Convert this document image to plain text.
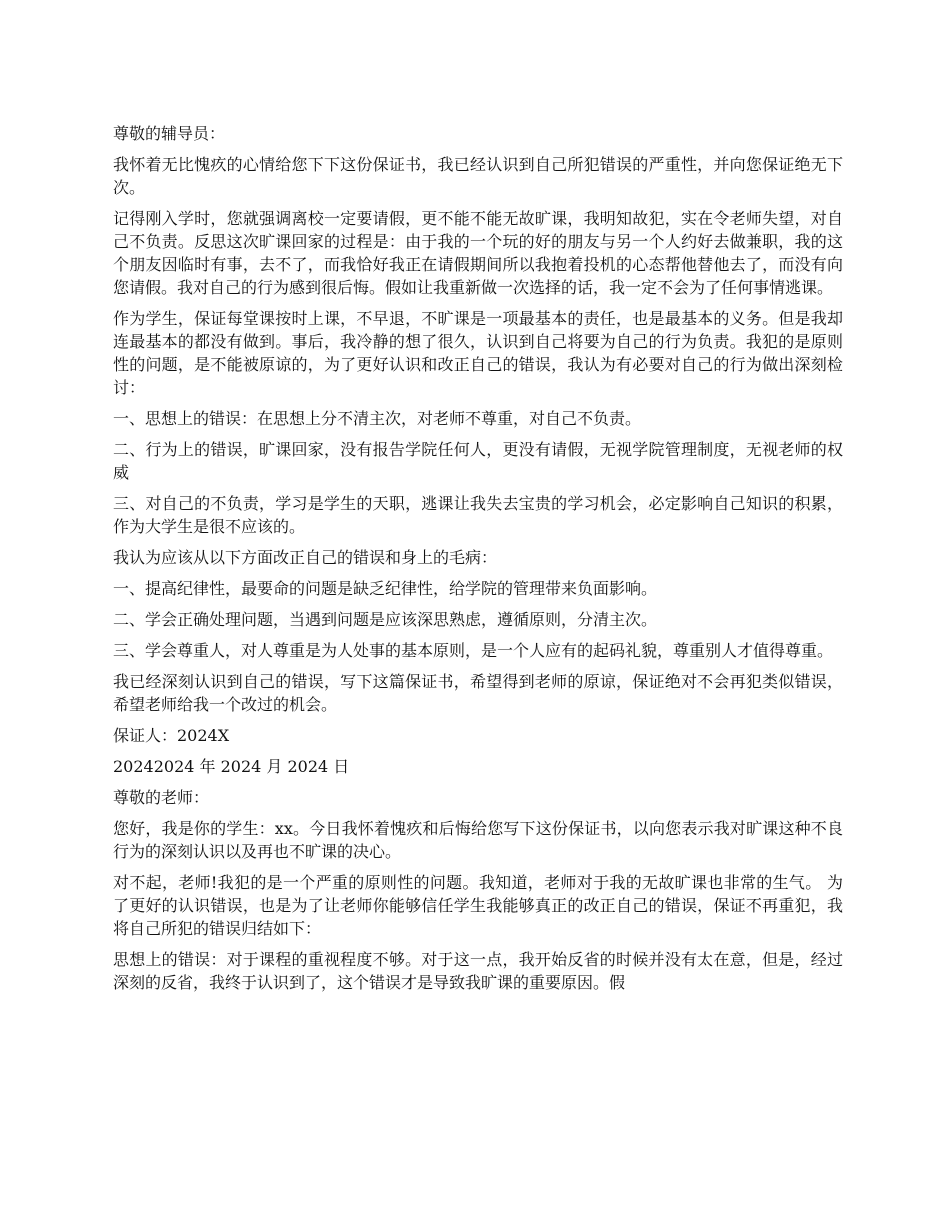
尊敬的辅导员：

我怀着无比愧疚的心情给您下下这份保证书，我已经认识到自己所犯错误的严重性，并向您保证绝无下次。

记得刚入学时，您就强调离校一定要请假，更不能不能无故旷课，我明知故犯，实在令老师失望，对自己不负责。反思这次旷课回家的过程是：由于我的一个玩的好的朋友与另一个人约好去做兼职，我的这个朋友因临时有事，去不了，而我恰好我正在请假期间所以我抱着投机的心态帮他替他去了，而没有向您请假。我对自己的行为感到很后悔。假如让我重新做一次选择的话，我一定不会为了任何事情逃课。

作为学生，保证每堂课按时上课，不早退，不旷课是一项最基本的责任，也是最基本的义务。但是我却连最基本的都没有做到。事后，我冷静的想了很久，认识到自己将要为自己的行为负责。我犯的是原则性的问题，是不能被原谅的，为了更好认识和改正自己的错误，我认为有必要对自己的行为做出深刻检讨：

一、思想上的错误：在思想上分不清主次，对老师不尊重，对自己不负责。

二、行为上的错误，旷课回家，没有报告学院任何人，更没有请假，无视学院管理制度，无视老师的权威

三、对自己的不负责，学习是学生的天职，逃课让我失去宝贵的学习机会，必定影响自己知识的积累，作为大学生是很不应该的。

我认为应该从以下方面改正自己的错误和身上的毛病：

一、提高纪律性，最要命的问题是缺乏纪律性，给学院的管理带来负面影响。

二、学会正确处理问题，当遇到问题是应该深思熟虑，遵循原则，分清主次。

三、学会尊重人，对人尊重是为人处事的基本原则，是一个人应有的起码礼貌，尊重别人才值得尊重。

我已经深刻认识到自己的错误，写下这篇保证书，希望得到老师的原谅，保证绝对不会再犯类似错误，希望老师给我一个改过的机会。

保证人：2024X

20242024 年 2024 月 2024 日

尊敬的老师：

您好，我是你的学生：xx。今日我怀着愧疚和后悔给您写下这份保证书，以向您表示我对旷课这种不良行为的深刻认识以及再也不旷课的决心。

对不起，老师!我犯的是一个严重的原则性的问题。我知道，老师对于我的无故旷课也非常的生气。 为了更好的认识错误，也是为了让老师你能够信任学生我能够真正的改正自己的错误，保证不再重犯，我将自己所犯的错误归结如下：

思想上的错误：对于课程的重视程度不够。对于这一点，我开始反省的时候并没有太在意，但是，经过深刻的反省，我终于认识到了，这个错误才是导致我旷课的重要原因。假
